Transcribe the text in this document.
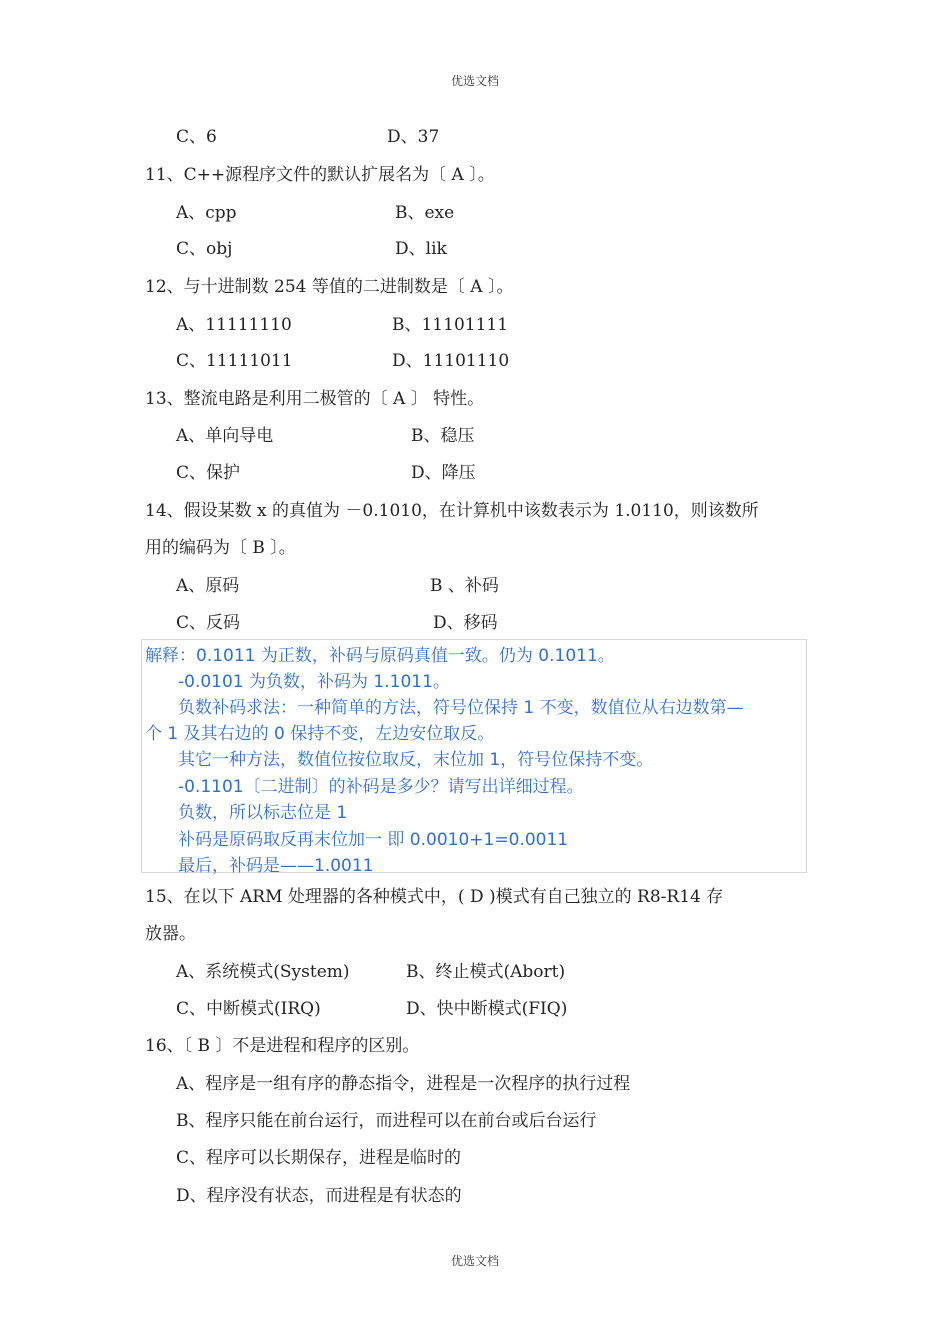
优选文档
C、6	D、37
11、C++源程序文件的默认扩展名为〔 A 〕。
A、cpp	B、exe
C、obj	D、lik
12、与十进制数 254 等值的二进制数是〔 A 〕。
A、11111110	B、11101111
C、11111011	D、11101110
13、整流电路是利用二极管的〔 A 〕 特性。
A、单向导电	B、稳压
C、保护	D、降压
14、假设某数 x 的真值为 －0.1010，在计算机中该数表示为 1.0110，则该数所
用的编码为〔 B 〕。
A、原码	B 、补码
C、反码	D、移码
解释：0.1011 为正数，补码与原码真值一致。仍为 0.1011。
-0.0101 为负数，补码为 1.1011。
负数补码求法：一种简单的方法，符号位保持 1 不变，数值位从右边数第—
个 1 及其右边的 0 保持不变，左边安位取反。
其它一种方法，数值位按位取反，末位加 1，符号位保持不变。
-0.1101〔二进制〕的补码是多少？请写出详细过程。
负数，所以标志位是 1
补码是原码取反再末位加一 即 0.0010+1=0.0011
最后，补码是——1.0011
15、在以下 ARM 处理器的各种模式中，( D )模式有自己独立的 R8-R14 存
放器。
A、系统模式(System)	B、终止模式(Abort)
C、中断模式(IRQ)	D、快中断模式(FIQ)
16、〔 B 〕不是进程和程序的区别。
A、程序是一组有序的静态指令，进程是一次程序的执行过程
B、程序只能在前台运行，而进程可以在前台或后台运行
C、程序可以长期保存，进程是临时的
D、程序没有状态，而进程是有状态的
优选文档
